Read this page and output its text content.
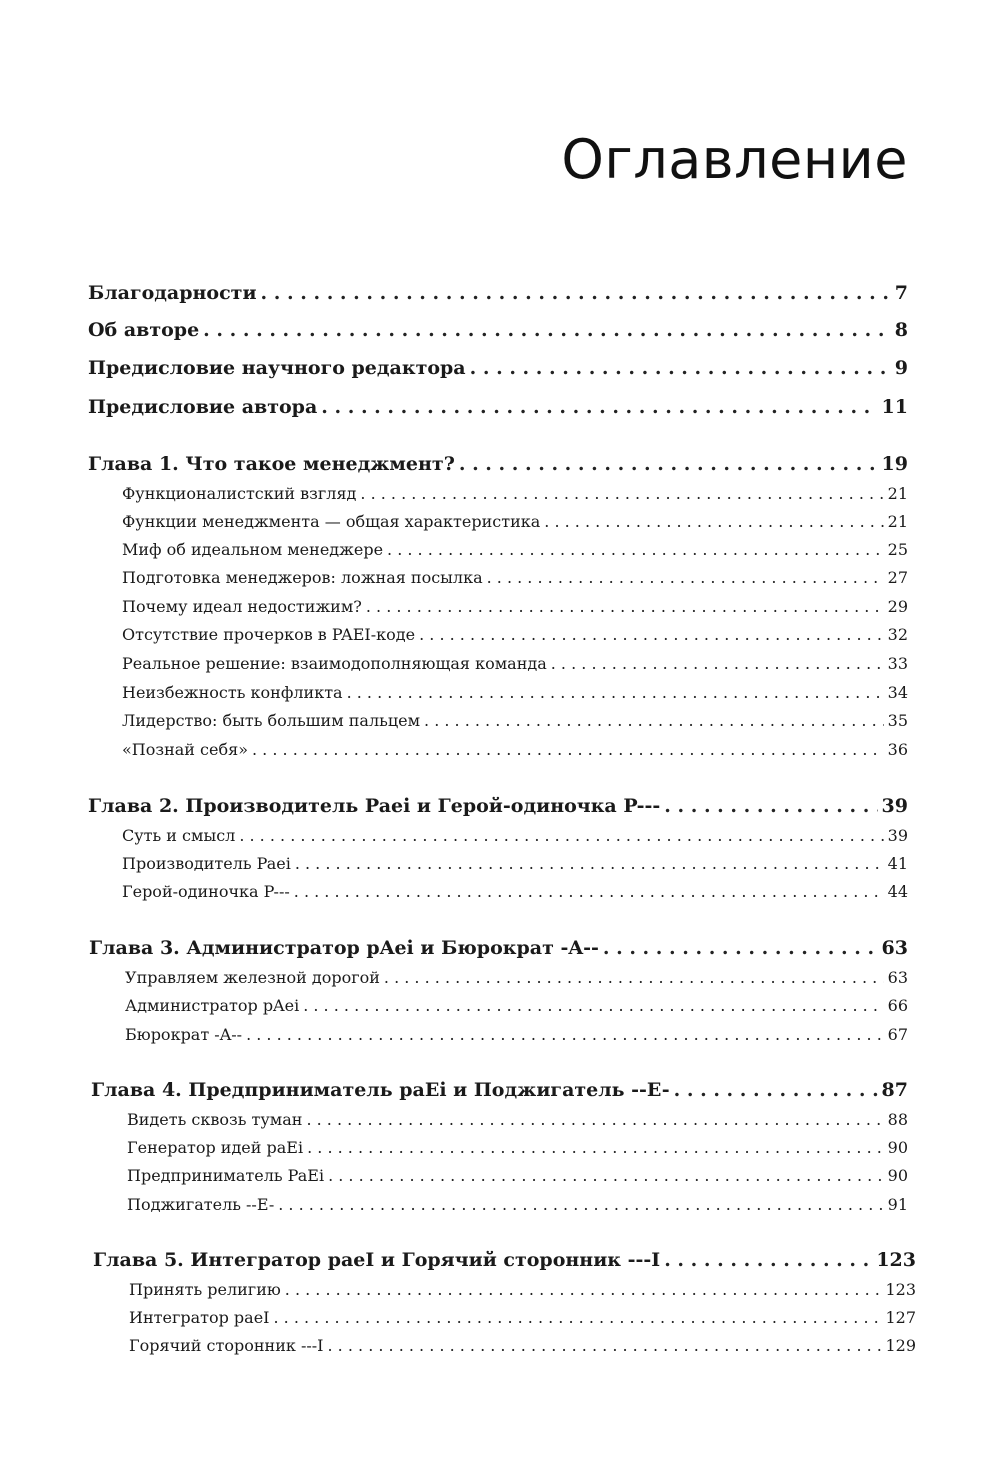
Оглавление
Благодарности . . .	7
Об авторе . . .	8
Предисловие научного редактора . . .	9
Предисловие автора . . .	11
Глава 1. Что такое менеджмент? . . .	19
Функционалистский взгляд . . .	21
Функции менеджмента — общая характеристика . . .	21
Миф об идеальном менеджере . . .	25
Подготовка менеджеров: ложная посылка . . .	27
Почему идеал недостижим? . . .	29
Отсутствие прочерков в PAEI-коде . . .	32
Реальное решение: взаимодополняющая команда . . .	33
Неизбежность конфликта . . .	34
Лидерство: быть большим пальцем . . .	35
«Познай себя» . . .	36
Глава 2. Производитель Paei и Герой-одиночка P--- . . .	39
Суть и смысл . . .	39
Производитель Paei . . .	41
Герой-одиночка P--- . . .	44
Глава 3. Администратор pAei и Бюрократ -A-- . . .	63
Управляем железной дорогой . . .	63
Администратор pAei . . .	66
Бюрократ -A-- . . .	67
Глава 4. Предприниматель paEi и Поджигатель --E- . . .	87
Видеть сквозь туман . . .	88
Генератор идей paEi . . .	90
Предприниматель PaEi . . .	90
Поджигатель --E- . . .	91
Глава 5. Интегратор paeI и Горячий сторонник ---I . . .	123
Принять религию . . .	123
Интегратор paeI . . .	127
Горячий сторонник ---I . . .	129
